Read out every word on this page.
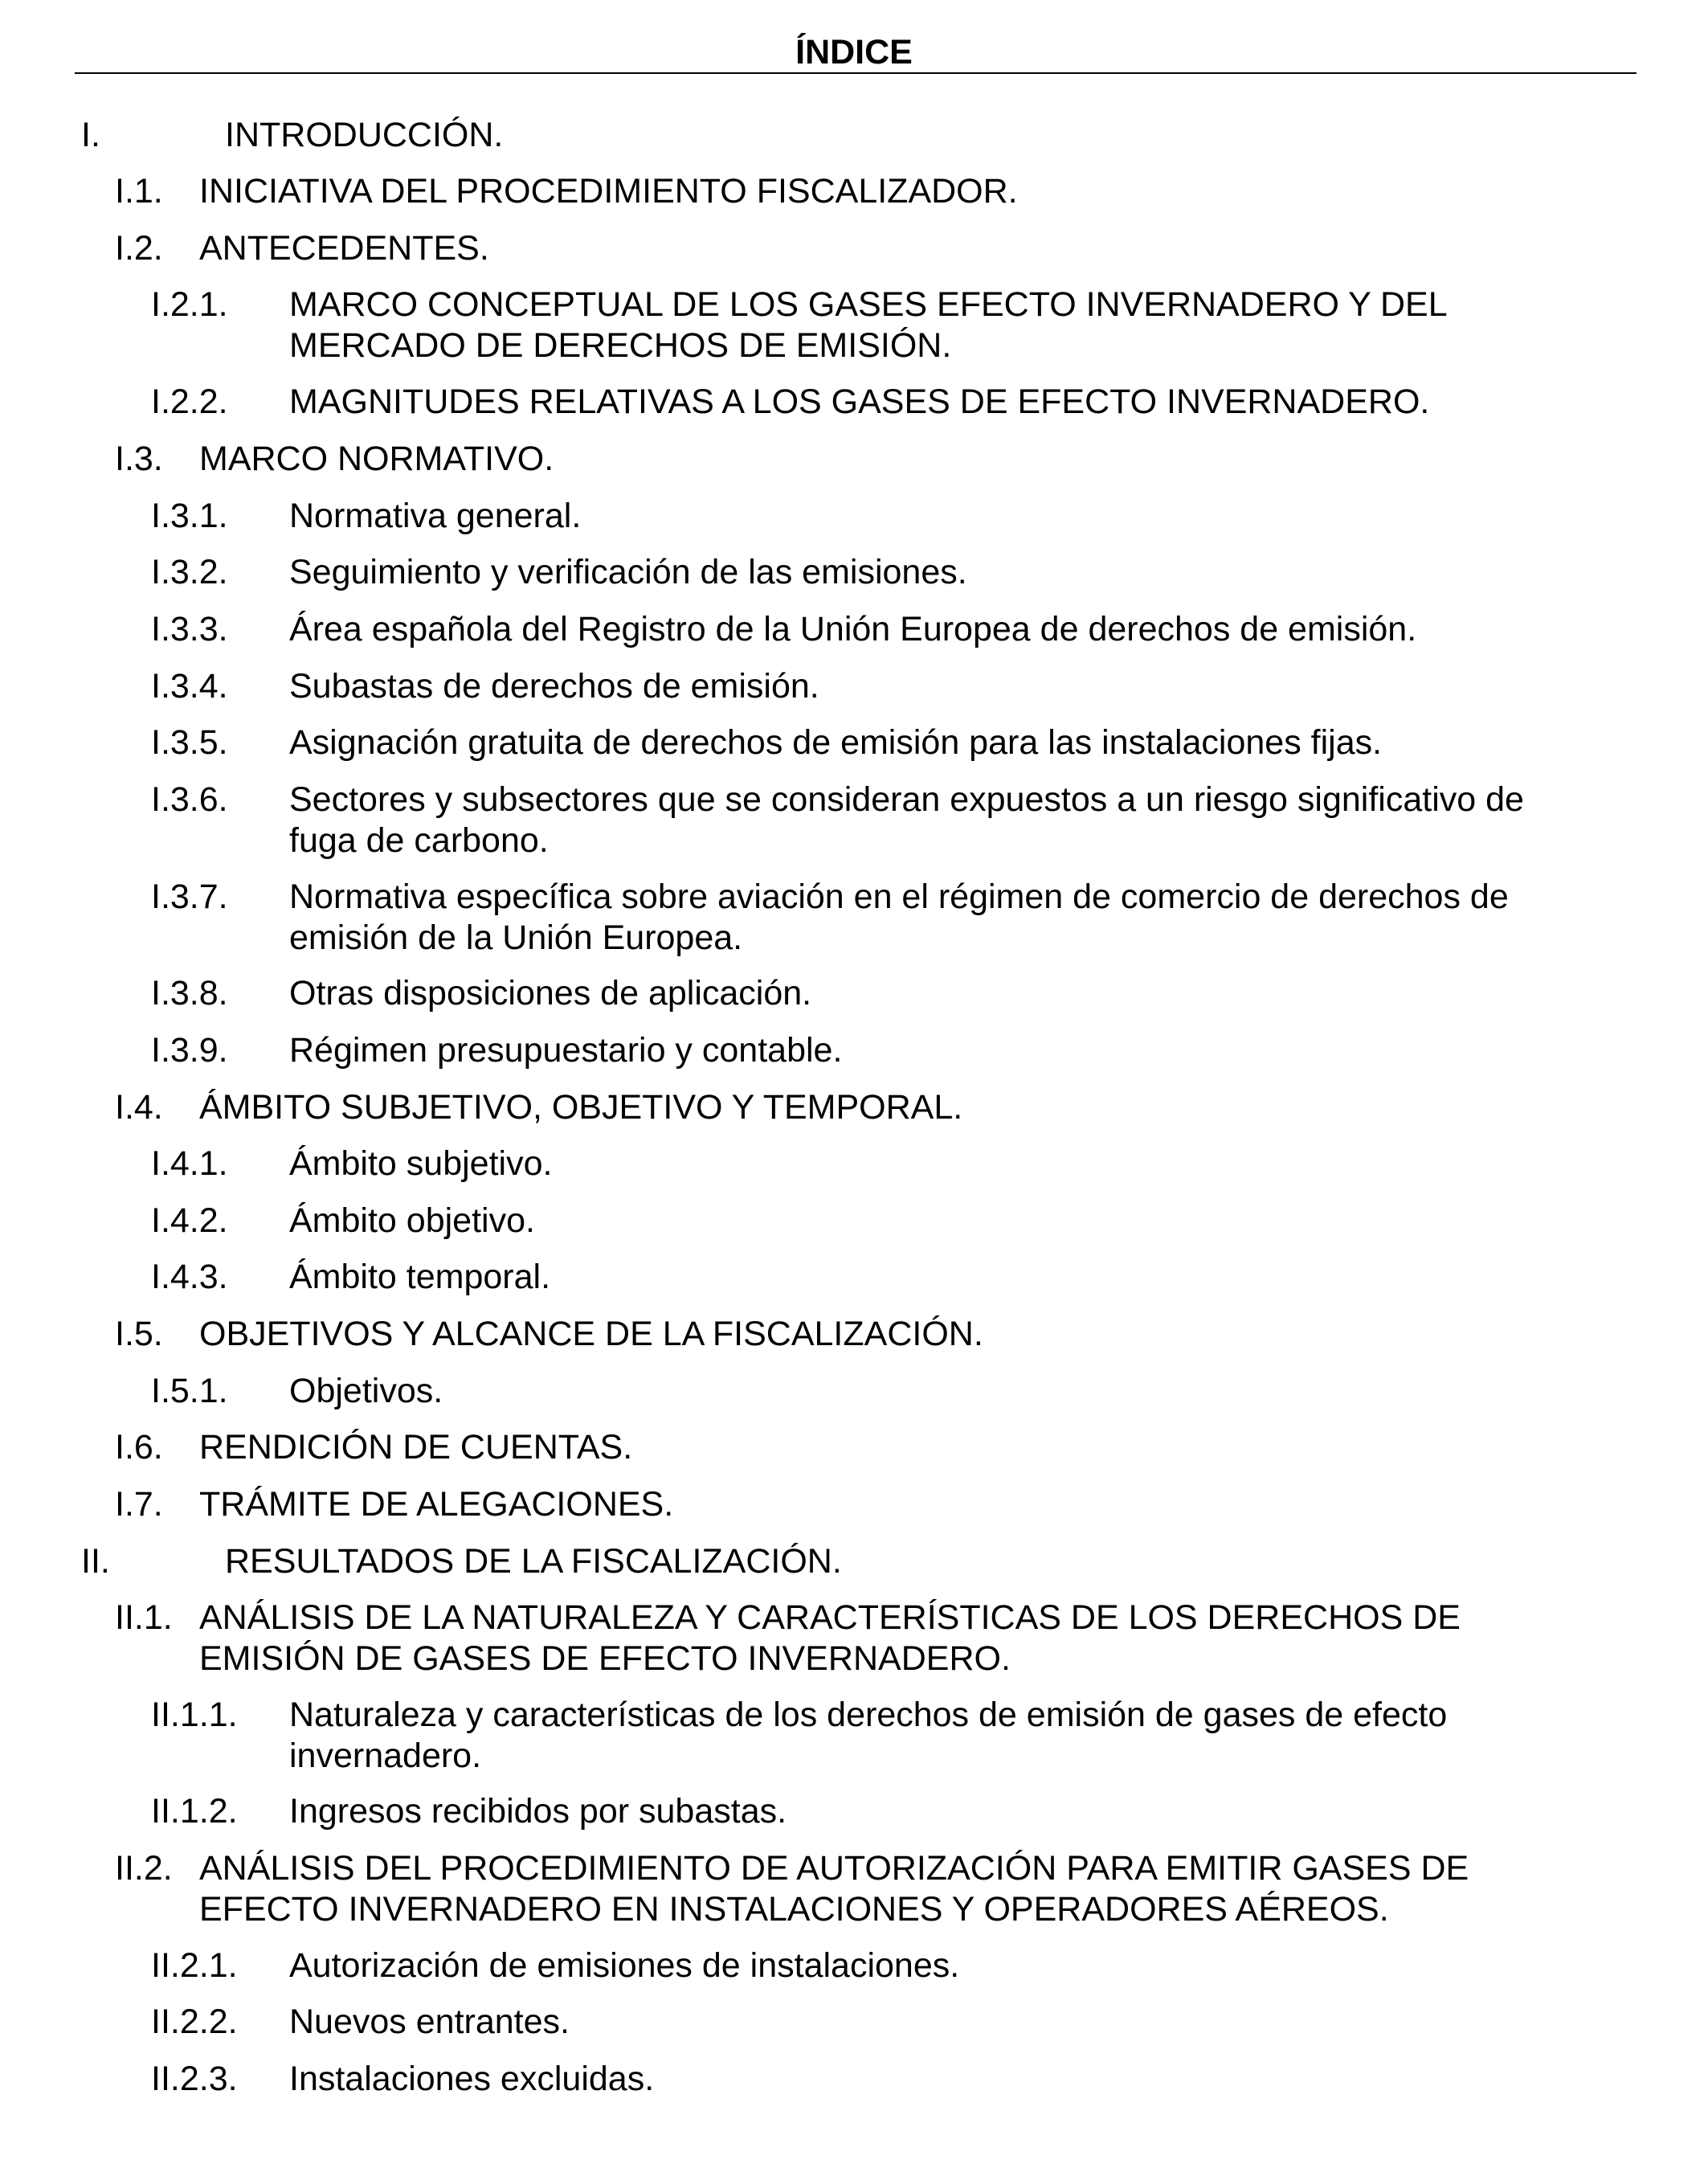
ÍNDICE
I.	INTRODUCCIÓN.
I.1. INICIATIVA DEL PROCEDIMIENTO FISCALIZADOR.
I.2. ANTECEDENTES.
I.2.1. MARCO CONCEPTUAL DE LOS GASES EFECTO INVERNADERO Y DEL MERCADO DE DERECHOS DE EMISIÓN.
I.2.2. MAGNITUDES RELATIVAS A LOS GASES DE EFECTO INVERNADERO.
I.3. MARCO NORMATIVO.
I.3.1. Normativa general.
I.3.2. Seguimiento y verificación de las emisiones.
I.3.3. Área española del Registro de la Unión Europea de derechos de emisión.
I.3.4. Subastas de derechos de emisión.
I.3.5. Asignación gratuita de derechos de emisión para las instalaciones fijas.
I.3.6. Sectores y subsectores que se consideran expuestos a un riesgo significativo de fuga de carbono.
I.3.7. Normativa específica sobre aviación en el régimen de comercio de derechos de emisión de la Unión Europea.
I.3.8. Otras disposiciones de aplicación.
I.3.9. Régimen presupuestario y contable.
I.4. ÁMBITO SUBJETIVO, OBJETIVO Y TEMPORAL.
I.4.1. Ámbito subjetivo.
I.4.2. Ámbito objetivo.
I.4.3. Ámbito temporal.
I.5. OBJETIVOS Y ALCANCE DE LA FISCALIZACIÓN.
I.5.1. Objetivos.
I.6. RENDICIÓN DE CUENTAS.
I.7. TRÁMITE DE ALEGACIONES.
II.	RESULTADOS DE LA FISCALIZACIÓN.
II.1. ANÁLISIS DE LA NATURALEZA Y CARACTERÍSTICAS DE LOS DERECHOS DE EMISIÓN DE GASES DE EFECTO INVERNADERO.
II.1.1. Naturaleza y características de los derechos de emisión de gases de efecto invernadero.
II.1.2. Ingresos recibidos por subastas.
II.2. ANÁLISIS DEL PROCEDIMIENTO DE AUTORIZACIÓN PARA EMITIR GASES DE EFECTO INVERNADERO EN INSTALACIONES Y OPERADORES AÉREOS.
II.2.1. Autorización de emisiones de instalaciones.
II.2.2. Nuevos entrantes.
II.2.3. Instalaciones excluidas.
